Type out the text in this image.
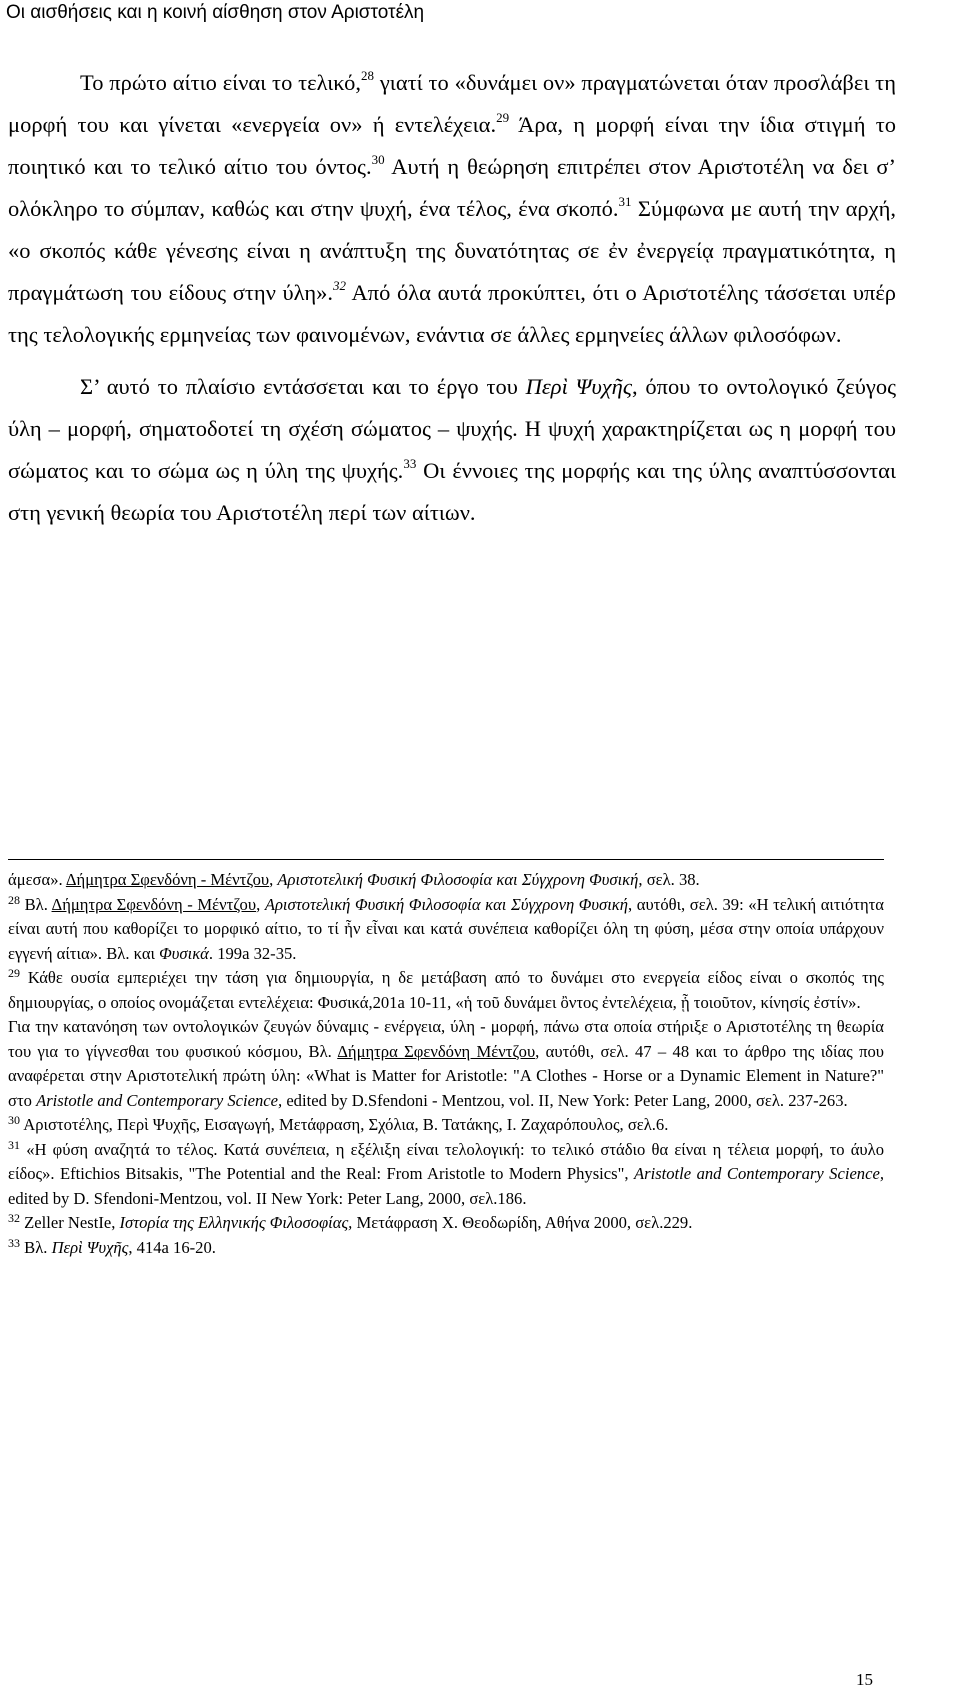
Οι αισθήσεις και η κοινή αίσθηση στον Αριστοτέλη

Το πρώτο αίτιο είναι το τελικό,$^{28}$ γιατί το «δυνάμει ον» πραγματώνεται όταν προσλάβει τη μορφή του και γίνεται «ενεργεία ον» ή εντελέχεια.$^{29}$ Άρα, η μορφή είναι την ίδια στιγμή το ποιητικό και το τελικό αίτιο του όντος.$^{30}$ Αυτή η θεώρηση επιτρέπει στον Αριστοτέλη να δει σ’ ολόκληρο το σύμπαν, καθώς και στην ψυχή, ένα τέλος, ένα σκοπό.$^{31}$ Σύμφωνα με αυτή την αρχή, «ο σκοπός κάθε γένεσης είναι η ανάπτυξη της δυνατότητας σε ἐν ἐνεργείᾳ πραγματικότητα, η πραγμάτωση του είδους στην ύλη».$^{32}$ Από όλα αυτά προκύπτει, ότι ο Αριστοτέλης τάσσεται υπέρ της τελολογικής ερμηνείας των φαινομένων, ενάντια σε άλλες ερμηνείες άλλων φιλοσόφων.

Σ’ αυτό το πλαίσιο εντάσσεται και το έργο του Περὶ Ψυχῆς, όπου το οντολογικό ζεύγος ύλη – μορφή, σηματοδοτεί τη σχέση σώματος – ψυχής. Η ψυχή χαρακτηρίζεται ως η μορφή του σώματος και το σώμα ως η ύλη της ψυχής.$^{33}$ Οι έννοιες της μορφής και της ύλης αναπτύσσονται στη γενική θεωρία του Αριστοτέλη περί των αίτιων.

άμεσα». Δήμητρα Σφενδόνη - Μέντζου, Αριστοτελική Φυσική Φιλοσοφία και Σύγχρονη Φυσική, σελ. 38.
$^{28}$ Βλ. Δήμητρα Σφενδόνη - Μέντζου, Αριστοτελική Φυσική Φιλοσοφία και Σύγχρονη Φυσική, αυτόθι, σελ. 39: «Η τελική αιτιότητα είναι αυτή που καθορίζει το μορφικό αίτιο, το τί ἦν εἶναι και κατά συνέπεια καθορίζει όλη τη φύση, μέσα στην οποία υπάρχουν εγγενή αίτια». Βλ. και Φυσικά. 199a 32-35.
$^{29}$ Κάθε ουσία εμπεριέχει την τάση για δημιουργία, η δε μετάβαση από το δυνάμει στο ενεργεία είδος είναι ο σκοπός της δημιουργίας, ο οποίος ονομάζεται εντελέχεια: Φυσικά,201a 10-11, «ἡ τοῦ δυνάμει ὂντος ἐντελέχεια, ᾗ τοιοῦτον, κίνησίς ἐστίν».
Για την κατανόηση των οντολογικών ζευγών δύναμις - ενέργεια, ύλη - μορφή, πάνω στα οποία στήριξε ο Αριστοτέλης τη θεωρία του για το γίγνεσθαι του φυσικού κόσμου, Βλ. Δήμητρα Σφενδόνη Μέντζου, αυτόθι, σελ. 47 – 48 και το άρθρο της ιδίας που αναφέρεται στην Αριστοτελική πρώτη ύλη: «What is Matter for Aristotle: "A Clothes - Horse or a Dynamic Element in Nature?" στο Aristotle and Contemporary Science, edited by D.Sfendoni - Mentzou, vol. II, New York: Peter Lang, 2000, σελ. 237-263.
$^{30}$ Αριστοτέλης, Περὶ Ψυχῆς, Εισαγωγή, Μετάφραση, Σχόλια, Β. Τατάκης, Ι. Ζαχαρόπουλος, σελ.6.
$^{31}$ «Η φύση αναζητά το τέλος. Κατά συνέπεια, η εξέλιξη είναι τελολογική: το τελικό στάδιο θα είναι η τέλεια μορφή, το άυλο είδος». Eftichios Bitsakis, "The Potential and the Real: From Aristotle to Modern Physics", Aristotle and Contemporary Science, edited by D. Sfendoni-Mentzou, vol. II New York: Peter Lang, 2000, σελ.186.
$^{32}$ Zeller NestIe, Ιστορία της Ελληνικής Φιλοσοφίας, Μετάφραση Χ. Θεοδωρίδη, Αθήνα 2000, σελ.229.
$^{33}$ Βλ. Περὶ Ψυχῆς, 414a 16-20.
15
